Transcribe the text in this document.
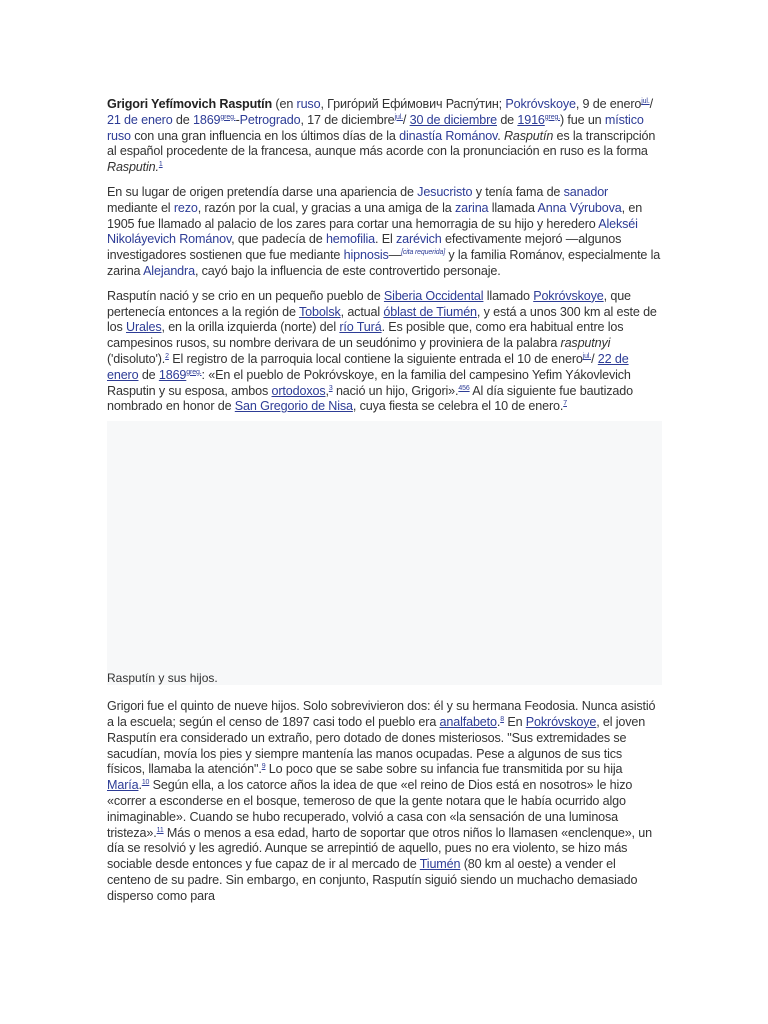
Grigori Yefímovich Rasputín (en ruso, Григо́рий Ефи́мович Распу́тин; Pokróvskoye, 9 de enero$^{jul.}$/ 21 de enero de 1869$^{greg.}$-Petrogrado, 17 de diciembre$^{jul.}$/ 30 de diciembre de 1916$^{greg.}$) fue un místico ruso con una gran influencia en los últimos días de la dinastía Románov. Rasputín es la transcripción al español procedente de la francesa, aunque más acorde con la pronunciación en ruso es la forma Rasputin.$^1$

En su lugar de origen pretendía darse una apariencia de Jesucristo y tenía fama de sanador mediante el rezo, razón por la cual, y gracias a una amiga de la zarina llamada Anna Výrubova, en 1905 fue llamado al palacio de los zares para cortar una hemorragia de su hijo y heredero Alekséi Nikoláyevich Románov, que padecía de hemofilia. El zarévich efectivamente mejoró —algunos investigadores sostienen que fue mediante hipnosis—[cita requerida] y la familia Románov, especialmente la zarina Alejandra, cayó bajo la influencia de este controvertido personaje.

Rasputín nació y se crio en un pequeño pueblo de Siberia Occidental llamado Pokróvskoye, que pertenecía entonces a la región de Tobolsk, actual óblast de Tiumén, y está a unos 300 km al este de los Urales, en la orilla izquierda (norte) del río Turá. Es posible que, como era habitual entre los campesinos rusos, su nombre derivara de un seudónimo y proviniera de la palabra rasputnyi ('disoluto').$^2$ El registro de la parroquia local contiene la siguiente entrada el 10 de enero$^{jul.}$/ 22 de enero de 1869$^{greg.}$: «En el pueblo de Pokróvskoye, en la familia del campesino Yefim Yákovlevich Rasputin y su esposa, ambos ortodoxos,$^3$ nació un hijo, Grigori».$^{456}$ Al día siguiente fue bautizado nombrado en honor de San Gregorio de Nisa, cuya fiesta se celebra el 10 de enero.$^7$

Rasputín y sus hijos.

Grigori fue el quinto de nueve hijos. Solo sobrevivieron dos: él y su hermana Feodosia. Nunca asistió a la escuela; según el censo de 1897 casi todo el pueblo era analfabeto.$^8$ En Pokróvskoye, el joven Rasputín era considerado un extraño, pero dotado de dones misteriosos. "Sus extremidades se sacudían, movía los pies y siempre mantenía las manos ocupadas. Pese a algunos de sus tics físicos, llamaba la atención".$^9$ Lo poco que se sabe sobre su infancia fue transmitida por su hija María.$^{10}$ Según ella, a los catorce años la idea de que «el reino de Dios está en nosotros» le hizo «correr a esconderse en el bosque, temeroso de que la gente notara que le había ocurrido algo inimaginable». Cuando se hubo recuperado, volvió a casa con «la sensación de una luminosa tristeza».$^{11}$ Más o menos a esa edad, harto de soportar que otros niños lo llamasen «enclenque», un día se resolvió y les agredió. Aunque se arrepintió de aquello, pues no era violento, se hizo más sociable desde entonces y fue capaz de ir al mercado de Tiumén (80 km al oeste) a vender el centeno de su padre. Sin embargo, en conjunto, Rasputín siguió siendo un muchacho demasiado disperso como para
